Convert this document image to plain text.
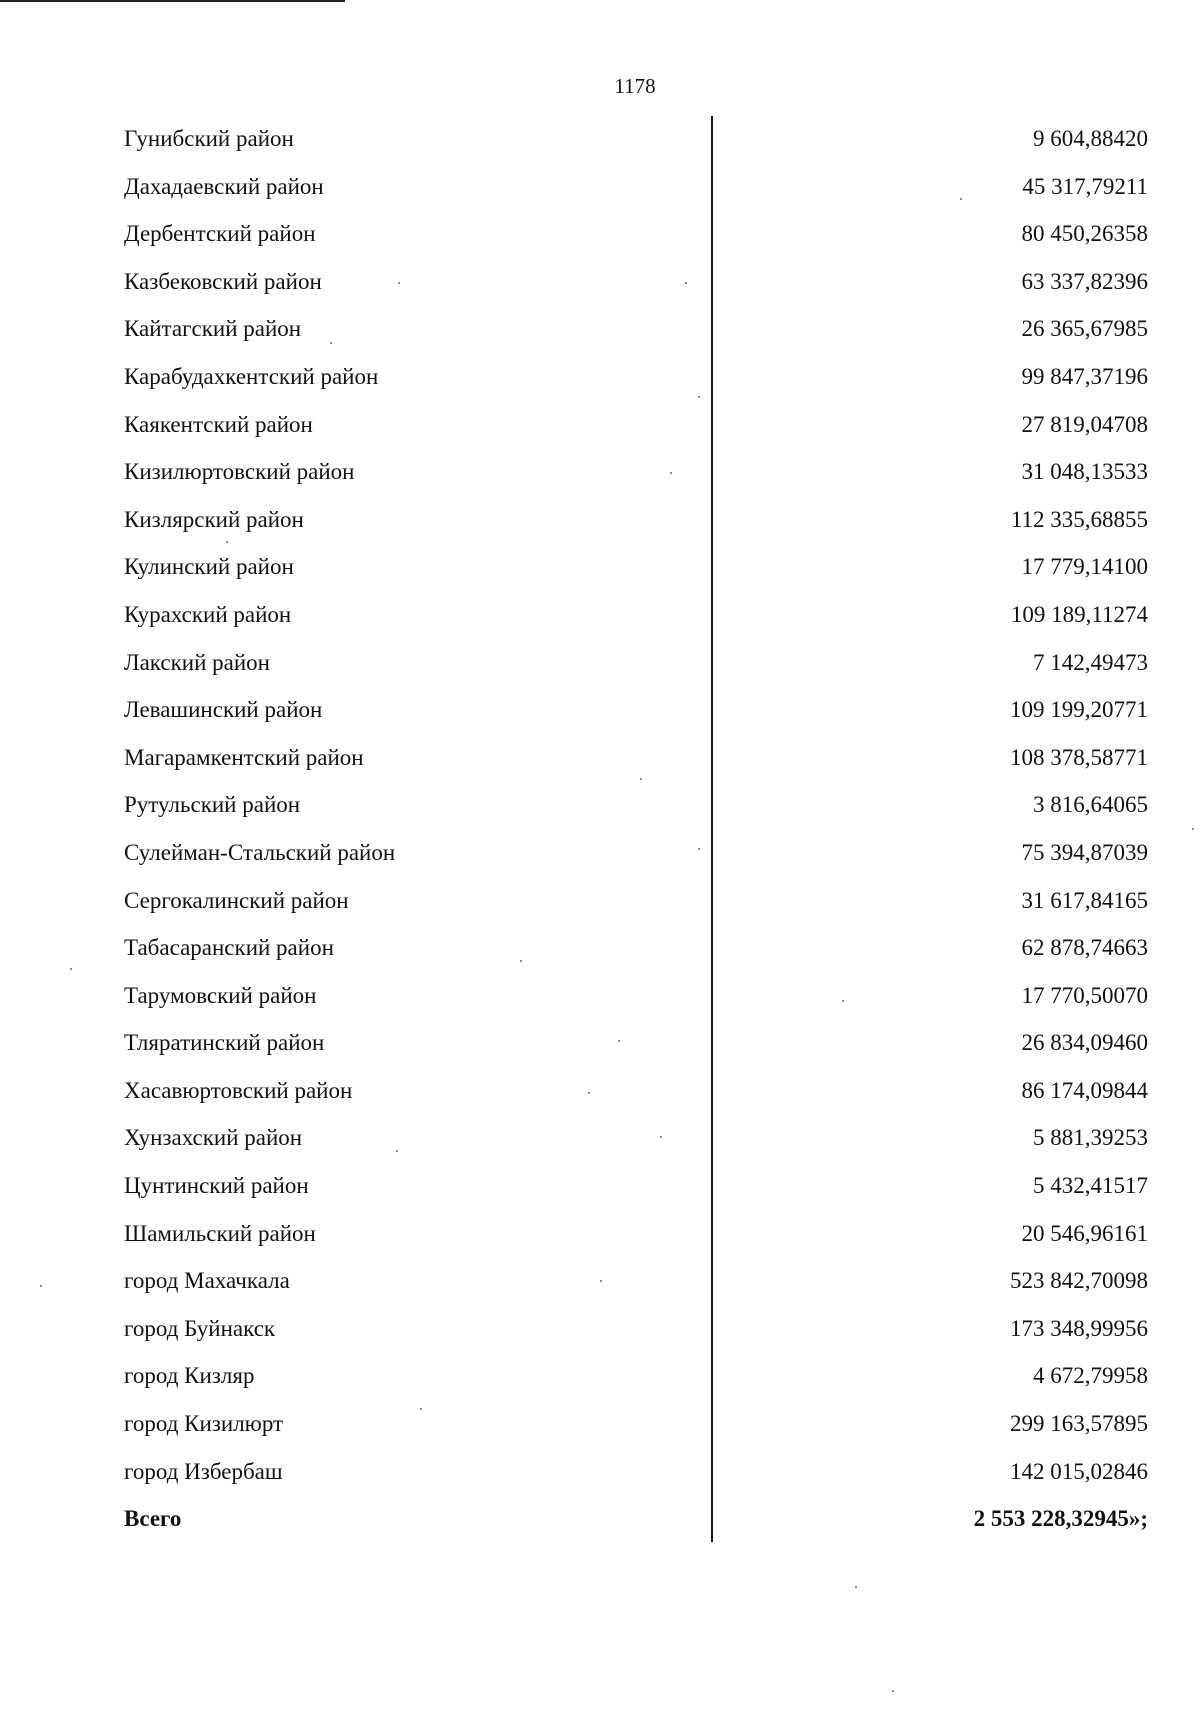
1178
Гунибский район	9 604,88420
Дахадаевский район	45 317,79211
Дербентский район	80 450,26358
Казбековский район	63 337,82396
Кайтагский район	26 365,67985
Карабудахкентский район	99 847,37196
Каякентский район	27 819,04708
Кизилюртовский район	31 048,13533
Кизлярский район	112 335,68855
Кулинский район	17 779,14100
Курахский район	109 189,11274
Лакский район	7 142,49473
Левашинский район	109 199,20771
Магарамкентский район	108 378,58771
Рутульский район	3 816,64065
Сулейман-Стальский район	75 394,87039
Сергокалинский район	31 617,84165
Табасаранский район	62 878,74663
Тарумовский район	17 770,50070
Тляратинский район	26 834,09460
Хасавюртовский район	86 174,09844
Хунзахский район	5 881,39253
Цунтинский район	5 432,41517
Шамильский район	20 546,96161
город Махачкала	523 842,70098
город Буйнакск	173 348,99956
город Кизляр	4 672,79958
город Кизилюрт	299 163,57895
город Избербаш	142 015,02846
Всего	2 553 228,32945»;
